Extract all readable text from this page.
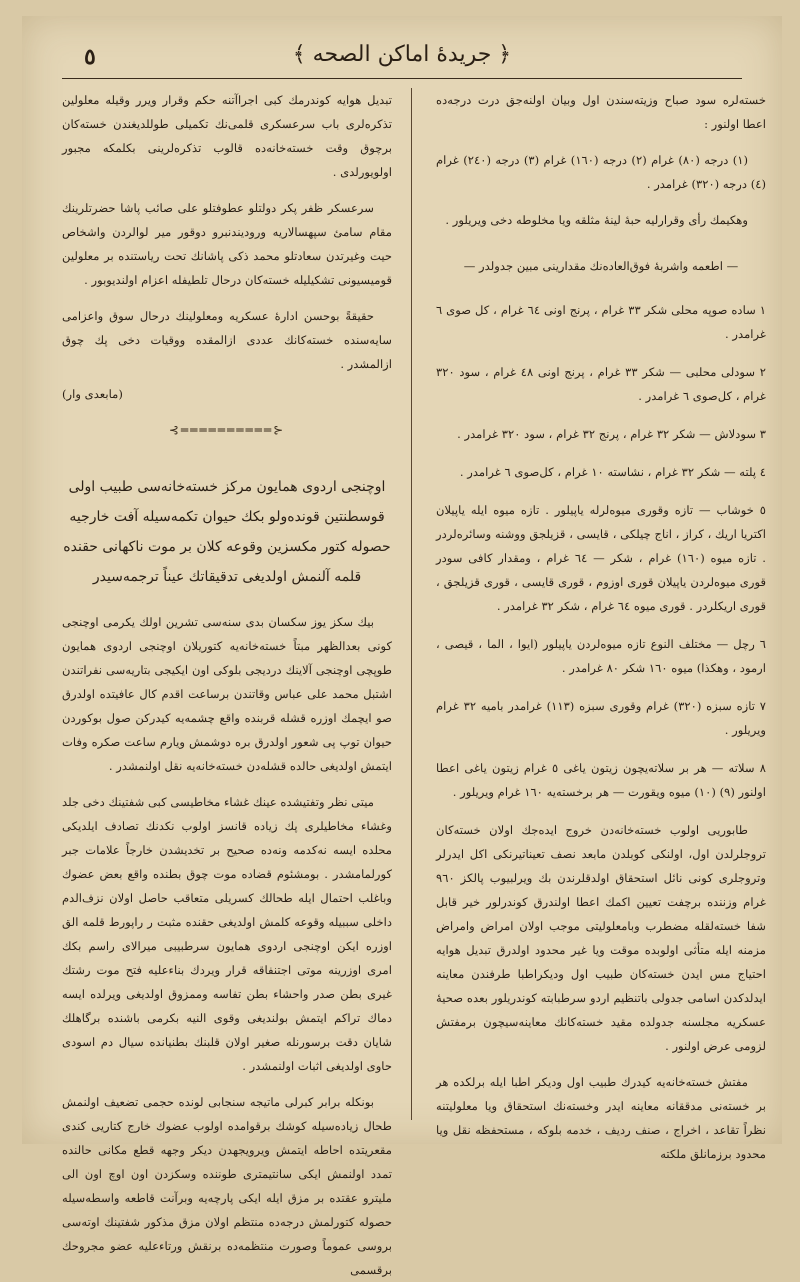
٥	﴿ جريدهٔ اماكن الصحه ﴾

خسته‌لره سود صباح وزيته‌سندن اول وبيان اولنه‌جق درت درجه‌ده اعطا اولنور :

(١) درجه (٨٠) غرام (٢) درجه (١٦٠) غرام (٣) درجه (٢٤٠) غرام (٤) درجه (٣٢٠) غرامدر .

وهكيمك رأى وقرارليه حبهٔ لينهٔ مثلقه ويا مخلوطه دخى ويريلور .

— اطعمه واشربهٔ فوق‌العاده‌نك مقدارينى مبين جدولدر —

١ ساده صوپه محلى شكر ٣٣ غرام ، پرنج اونى ٦٤ غرام ، كل صوى ٦ غرامدر .

٢ سودلى محلبى — شكر ٣٣ غرام ، پرنج اونى ٤٨ غرام ، سود ٣٢٠ غرام ، كل‌صوى ٦ غرامدر .

٣ سودلاش — شكر ٣٢ غرام ، پرنج ٣٢ غرام ، سود ٣٢٠ غرامدر .

٤ پلته — شكر ٣٢ غرام ، نشاسته ١٠ غرام ، كل‌صوى ٦ غرامدر .

٥ خوشاب — تازه وقورى ميوه‌لرله ياپيلور . تازه ميوه ايله ياپيلان اكتريا اريك ، كراز ، اناج چيلكى ، قايسى ، قزيلجق ووشنه وسائره‌لردر . تازه ميوه (١٦٠) غرام ، شكر — ٦٤ غرام ، ومقدار كافى سودر قورى ميوه‌لردن ياپيلان قورى اوزوم ، قورى قايسى ، قورى قزيلجق ، قورى اريكلردر . قورى ميوه ٦٤ غرام ، شكر ٣٢ غرامدر .

٦ رچل — مختلف النوع تازه ميوه‌لردن ياپيلور (ايوا ، الما ، قيصى ، ارمود ، وهكذا) ميوه ١٦٠ شكر ٨٠ غرامدر .

٧ تازه سبزه (٣٢٠) غرام وقورى سبزه (١١٣) غرامدر باميه ٣٢ غرام ويريلور .

٨ سلاته — هر بر سلاته‌يچون زيتون ياغى ٥ غرام زيتون ياغى اعطا اولنور (٩) (١٠) ميوه ويقورت — هر برخسته‌يه ١٦٠ غرام ويريلور .

طابوريى اولوب خسته‌خانه‌دن خروج ايده‌جك اولان خسته‌كان تروجلرلدن اول، اولنكى كوبلدن مابعد نصف تعيناتيرنكى اكل ايدرلر وتروجلرى كونى نائل استحقاق اولدقلرندن بك ويرلبيوب پالكز ٩٦٠ غرام وزننده برچفت تعيين اكمك اعطا اولندرق كوندرلور خير قابل شفا خسته‌لقله مضطرب وبامعلوليتى موجب اولان امراض وامراض مزمنه ايله متأثى اولوبده موقت ويا غير محدود اولدرق تبديل هوايه احتياج مس ايدن خسته‌كان طبيب اول وديكراطبا طرفندن معاينه ايدلدكدن اسامى جدولى باتنظيم اردو سرطبابته كوندريلور بعده صحيهٔ عسكريه مجلسنه جدولده مقيد خسته‌كانك معاينه‌سيچون برمفتش لزومى عرض اولنور .

مفتش خسته‌خانه‌يه كيدرك طبيب اول وديكر اطبا ايله برلكده هر بر خسته‌نى مدققانه معاينه ايدر وخسته‌نك استحقاق ويا معلوليتنه نظراً تقاعد ، اخراج ، صنف رديف ، خدمه بلوكه ، مستحفظه نقل ويا محدود برزمانلق ملكته

تبديل هوايه كوندرمك كبى اجراآتنه حكم وقرار ويرر وقيله معلولين تذكره‌لرى باب سرعسكرى قلمى‌نك تكميلى طوللديغندن خسته‌كان برچوق وقت خسته‌خانه‌ده قالوب تذكره‌لرينى بكلمكه مجبور اولويورلدى .

سرعسكر ظفر پكر دولتلو عطوفتلو على صائب پاشا حضرتلرينك مقام سامئ سپهسالاريه وروديندنبرو دوقور مير لوالردن واشخاص حيت وغيرتدن سعادتلو محمد ذكى پاشانك تحت رياستنده بر معلولين قوميسيونى تشكيليله خسته‌كان درحال تلطيفله اعزام اولنديوبور .

حقيقةً بوحسن ادارهٔ عسكريه ومعلولينك درحال سوق واعزامى سايه‌سنده خسته‌كانك عددى ازالمقده ووقيات دخى پك چوق ازالمشدر .

(مابعدى وار)

⊰══════════⊱

اوچنجى اردوى همايون مركز خسته‌خانه‌سى طبيب اولى قوسطنتين قونده‌ولو بكك حيوان تكمه‌سيله آفت خارجيه حصوله كتور مكسزين وقوعه كلان بر موت ناكهانى حقنده قلمه آلنمش اولديغى تدقيقاتك عيناً ترجمه‌سيدر

بيك سكز يوز سكسان بدى سنه‌سى تشرين اولك يكرمى اوچنجى كونى بعدالظهر مبتاً خسته‌خانه‌يه كتوريلان اوچنجى اردوى همايون طوپچى اوچنجى آلاينك درديجى بلوكى اون ايكيجى بتاريه‌سى نفراتندن اشتبل محمد على عباس وقاتندن برساعت اقدم كال عافيتده اولدرق صو ايچمك اوزره قشله قربنده واقع چشمه‌يه كيدركن صول بوكوردن حيوان توپ پى شعور اولدرق بره دوشمش ويارم ساعت صكره وفات ايتمش اولديغى حالده قشله‌دن خسته‌خانه‌يه نقل اولنمشدر .

ميتى نظر وتفتيشده عينك غشاء مخاطيسى كبى شفتينك دخى جلد وغشاء مخاطيلرى پك زياده قانسز اولوب نكدنك تصادف ايلديكى محلده ايسه نه‌كدمه ونه‌ده صحيح بر تخديشدن خارجاً علامات جبر كورلمامشدر . بومشئوم قضاده موت چوق بطنده واقع بعض عضوك وباغلب احتمال ايله طحالك كسريلى متعاقب حاصل اولان نزف‌الدم داخلى سببيله وقوعه كلمش اولديغى حقنده مثبت ر راپورط قلمه الق اوزره ايكن اوچنجى اردوى همايون سرطبيبى ميرالاى راسم بكك امرى اوزرينه موتى اجتنفاقه قرار ويردك بناءعليه فتح موت رشتك غيرى بطن صدر واحشاء بطن تفاسه وممزوق اولديغى ويرلده ايسه دماك تراكم ايتمش بولنديغى وقوى النيه بكرمى باشنده برگاهلك شايان دقت برسورنله صغير اولان قلبنك بطنيانده سيال دم اسودى حاوى اولديغى اثبات اولنمشدر .

بونكله برابر كبرلى ماتيجه سنجابى لونده حجمى تضعيف اولنمش طحال زياده‌سيله كوشك برقوامده اولوب عضوك خارج كتاريى كندى مقعريتده احاطه ايتمش ويرويجهدن ديكر وجهه قطع مكانى حالنده تمدد اولنمش ايكى سانتيمترى طوننده وسكزدن اون اوچ اون الى مليترو عقتده بر مزق ايله ايكى پارچه‌يه وبرآنت قاطعه واسطه‌سيله حصوله كتورلمش درجه‌ده منتظم اولان مزق مذكور شفتينك اوته‌سى بروسى عموماً وصورت منتظمه‌ده برنقش ورتاءعليه عضو مجروحك برقسمى
